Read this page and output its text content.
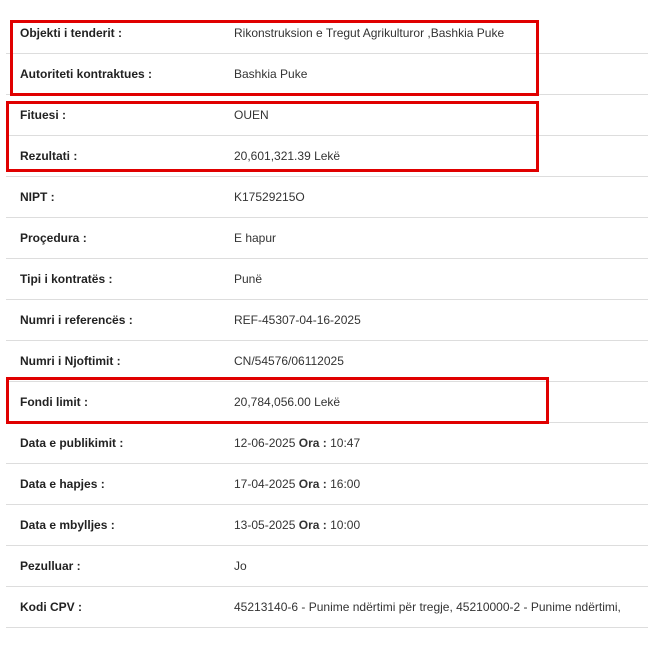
Objekti i tenderit :	Rikonstruksion e Tregut Agrikulturor ,Bashkia Puke
Autoriteti kontraktues :	Bashkia Puke
Fituesi :	OUEN
Rezultati :	20,601,321.39 Lekë
NIPT :	K17529215O
Proçedura :	E hapur
Tipi i kontratës :	Punë
Numri i referencës :	REF-45307-04-16-2025
Numri i Njoftimit :	CN/54576/06112025
Fondi limit :	20,784,056.00 Lekë
Data e publikimit :	12-06-2025 Ora : 10:47
Data e hapjes :	17-04-2025 Ora : 16:00
Data e mbylljes :	13-05-2025 Ora : 10:00
Pezulluar :	Jo
Kodi CPV :	45213140-6 - Punime ndërtimi për tregje, 45210000-2 - Punime ndërtimi,
